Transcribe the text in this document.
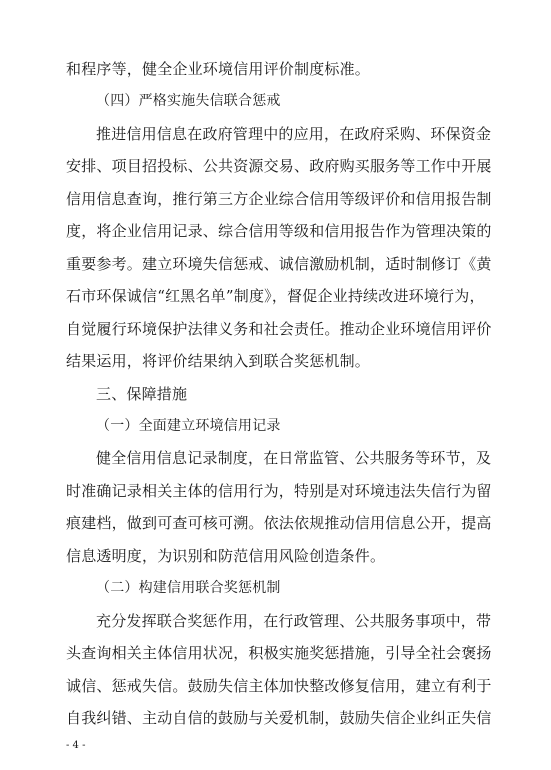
和程序等，健全企业环境信用评价制度标准。
（四）严格实施失信联合惩戒
推进信用信息在政府管理中的应用，在政府采购、环保资金
安排、项目招投标、公共资源交易、政府购买服务等工作中开展
信用信息查询，推行第三方企业综合信用等级评价和信用报告制
度，将企业信用记录、综合信用等级和信用报告作为管理决策的
重要参考。建立环境失信惩戒、诚信激励机制，适时制修订《黄
石市环保诚信“红黑名单”制度》，督促企业持续改进环境行为，
自觉履行环境保护法律义务和社会责任。推动企业环境信用评价
结果运用，将评价结果纳入到联合奖惩机制。
三、保障措施
（一）全面建立环境信用记录
健全信用信息记录制度，在日常监管、公共服务等环节，及
时准确记录相关主体的信用行为，特别是对环境违法失信行为留
痕建档，做到可查可核可溯。依法依规推动信用信息公开，提高
信息透明度，为识别和防范信用风险创造条件。
（二）构建信用联合奖惩机制
充分发挥联合奖惩作用，在行政管理、公共服务事项中，带
头查询相关主体信用状况，积极实施奖惩措施，引导全社会褒扬
诚信、惩戒失信。鼓励失信主体加快整改修复信用，建立有利于
自我纠错、主动自信的鼓励与关爱机制，鼓励失信企业纠正失信
- 4 -
